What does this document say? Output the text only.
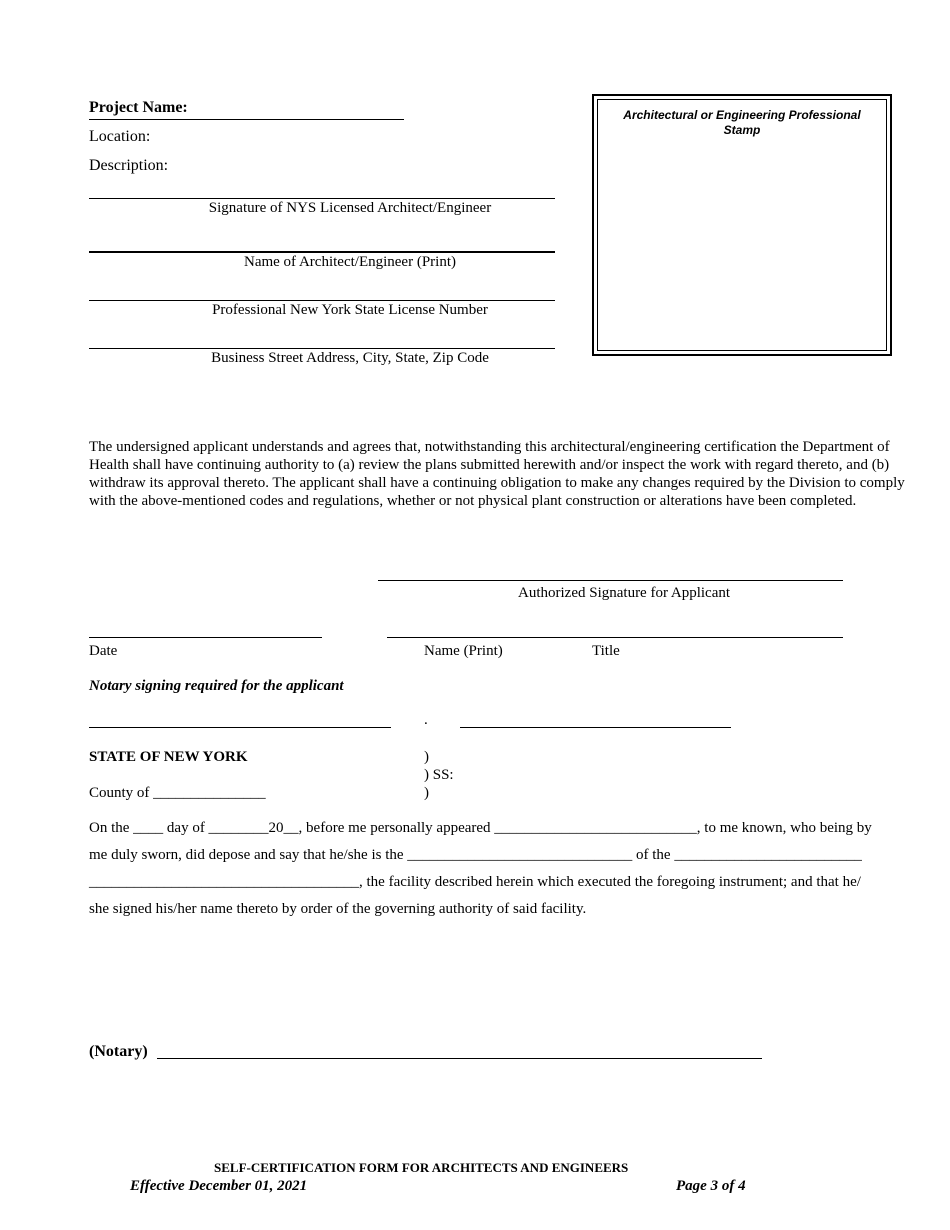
Project Name:
Location:
Description:
Signature of NYS Licensed Architect/Engineer
Name of Architect/Engineer (Print)
Professional New York State License Number
Business Street Address, City, State, Zip Code
Architectural or Engineering Professional Stamp
The undersigned applicant understands and agrees that, notwithstanding this architectural/engineering certification the Department of Health shall have continuing authority to (a) review the plans submitted herewith and/or inspect the work with regard thereto, and (b) withdraw its approval thereto. The applicant shall have a continuing obligation to make any changes required by the Division to comply with the above-mentioned codes and regulations, whether or not physical plant construction or alterations have been completed.
Authorized Signature for Applicant
Date	Name (Print)	Title
Notary signing required for the applicant
.
STATE OF NEW YORK	)
) SS:
)
County of _______________
On the ____ day of ________20__, before me personally appeared ___________________________, to me known, who being by
me duly sworn, did depose and say that he/she is the ______________________________ of the _________________________
____________________________________, the facility described herein which executed the foregoing instrument; and that he/
she signed his/her name thereto by order of the governing authority of said facility.
(Notary)
SELF-CERTIFICATION FORM FOR ARCHITECTS AND ENGINEERS
Effective December 01, 2021	Page 3 of 4
